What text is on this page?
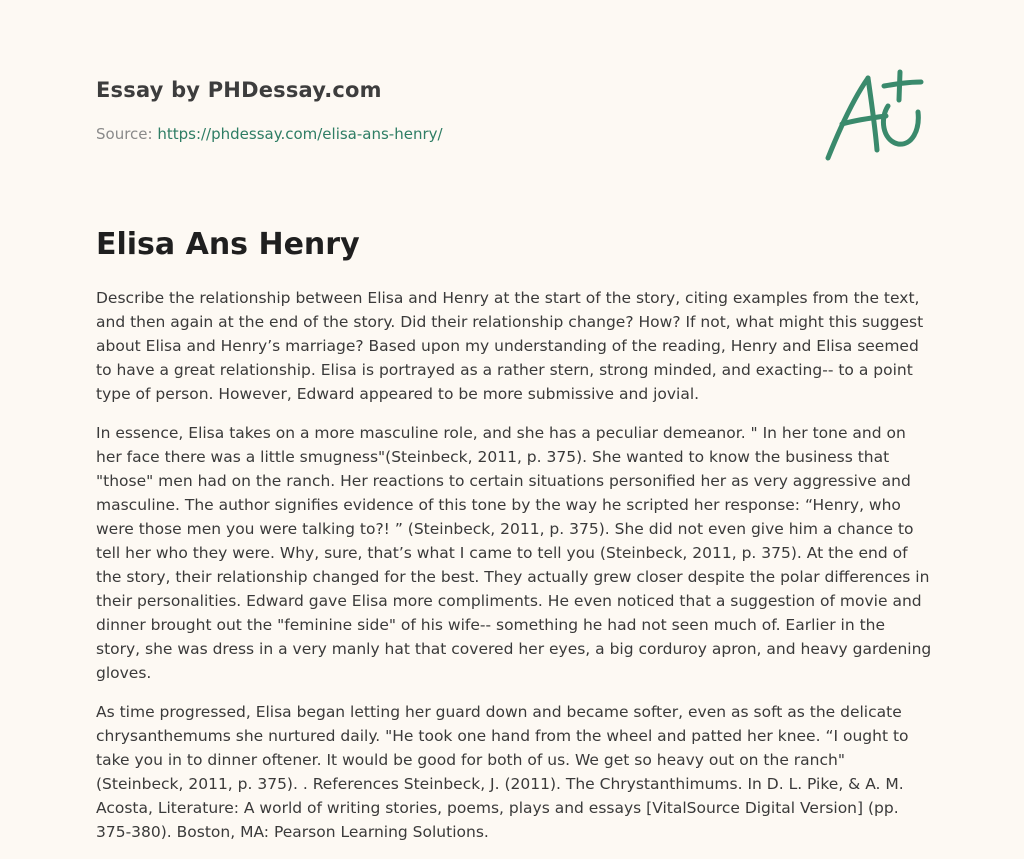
Essay by PHDessay.com
Source: https://phdessay.com/elisa-ans-henry/
Elisa Ans Henry

Describe the relationship between Elisa and Henry at the start of the story, citing examples from the text, and then again at the end of the story. Did their relationship change? How? If not, what might this suggest about Elisa and Henry’s marriage? Based upon my understanding of the reading, Henry and Elisa seemed to have a great relationship. Elisa is portrayed as a rather stern, strong minded, and exacting-- to a point type of person. However, Edward appeared to be more submissive and jovial.

In essence, Elisa takes on a more masculine role, and she has a peculiar demeanor. " In her tone and on her face there was a little smugness"(Steinbeck, 2011, p. 375). She wanted to know the business that "those" men had on the ranch. Her reactions to certain situations personified her as very aggressive and masculine. The author signifies evidence of this tone by the way he scripted her response: “Henry, who were those men you were talking to?! ” (Steinbeck, 2011, p. 375). She did not even give him a chance to tell her who they were. Why, sure, that’s what I came to tell you (Steinbeck, 2011, p. 375). At the end of the story, their relationship changed for the best. They actually grew closer despite the polar differences in their personalities. Edward gave Elisa more compliments. He even noticed that a suggestion of movie and dinner brought out the "feminine side" of his wife-- something he had not seen much of. Earlier in the story, she was dress in a very manly hat that covered her eyes, a big corduroy apron, and heavy gardening gloves.

As time progressed, Elisa began letting her guard down and became softer, even as soft as the delicate chrysanthemums she nurtured daily. "He took one hand from the wheel and patted her knee. “I ought to take you in to dinner oftener. It would be good for both of us. We get so heavy out on the ranch"(Steinbeck, 2011, p. 375). . References Steinbeck, J. (2011). The Chrystanthimums. In D. L. Pike, & A. M. Acosta, Literature: A world of writing stories, poems, plays and essays [VitalSource Digital Version] (pp. 375-380). Boston, MA: Pearson Learning Solutions.
